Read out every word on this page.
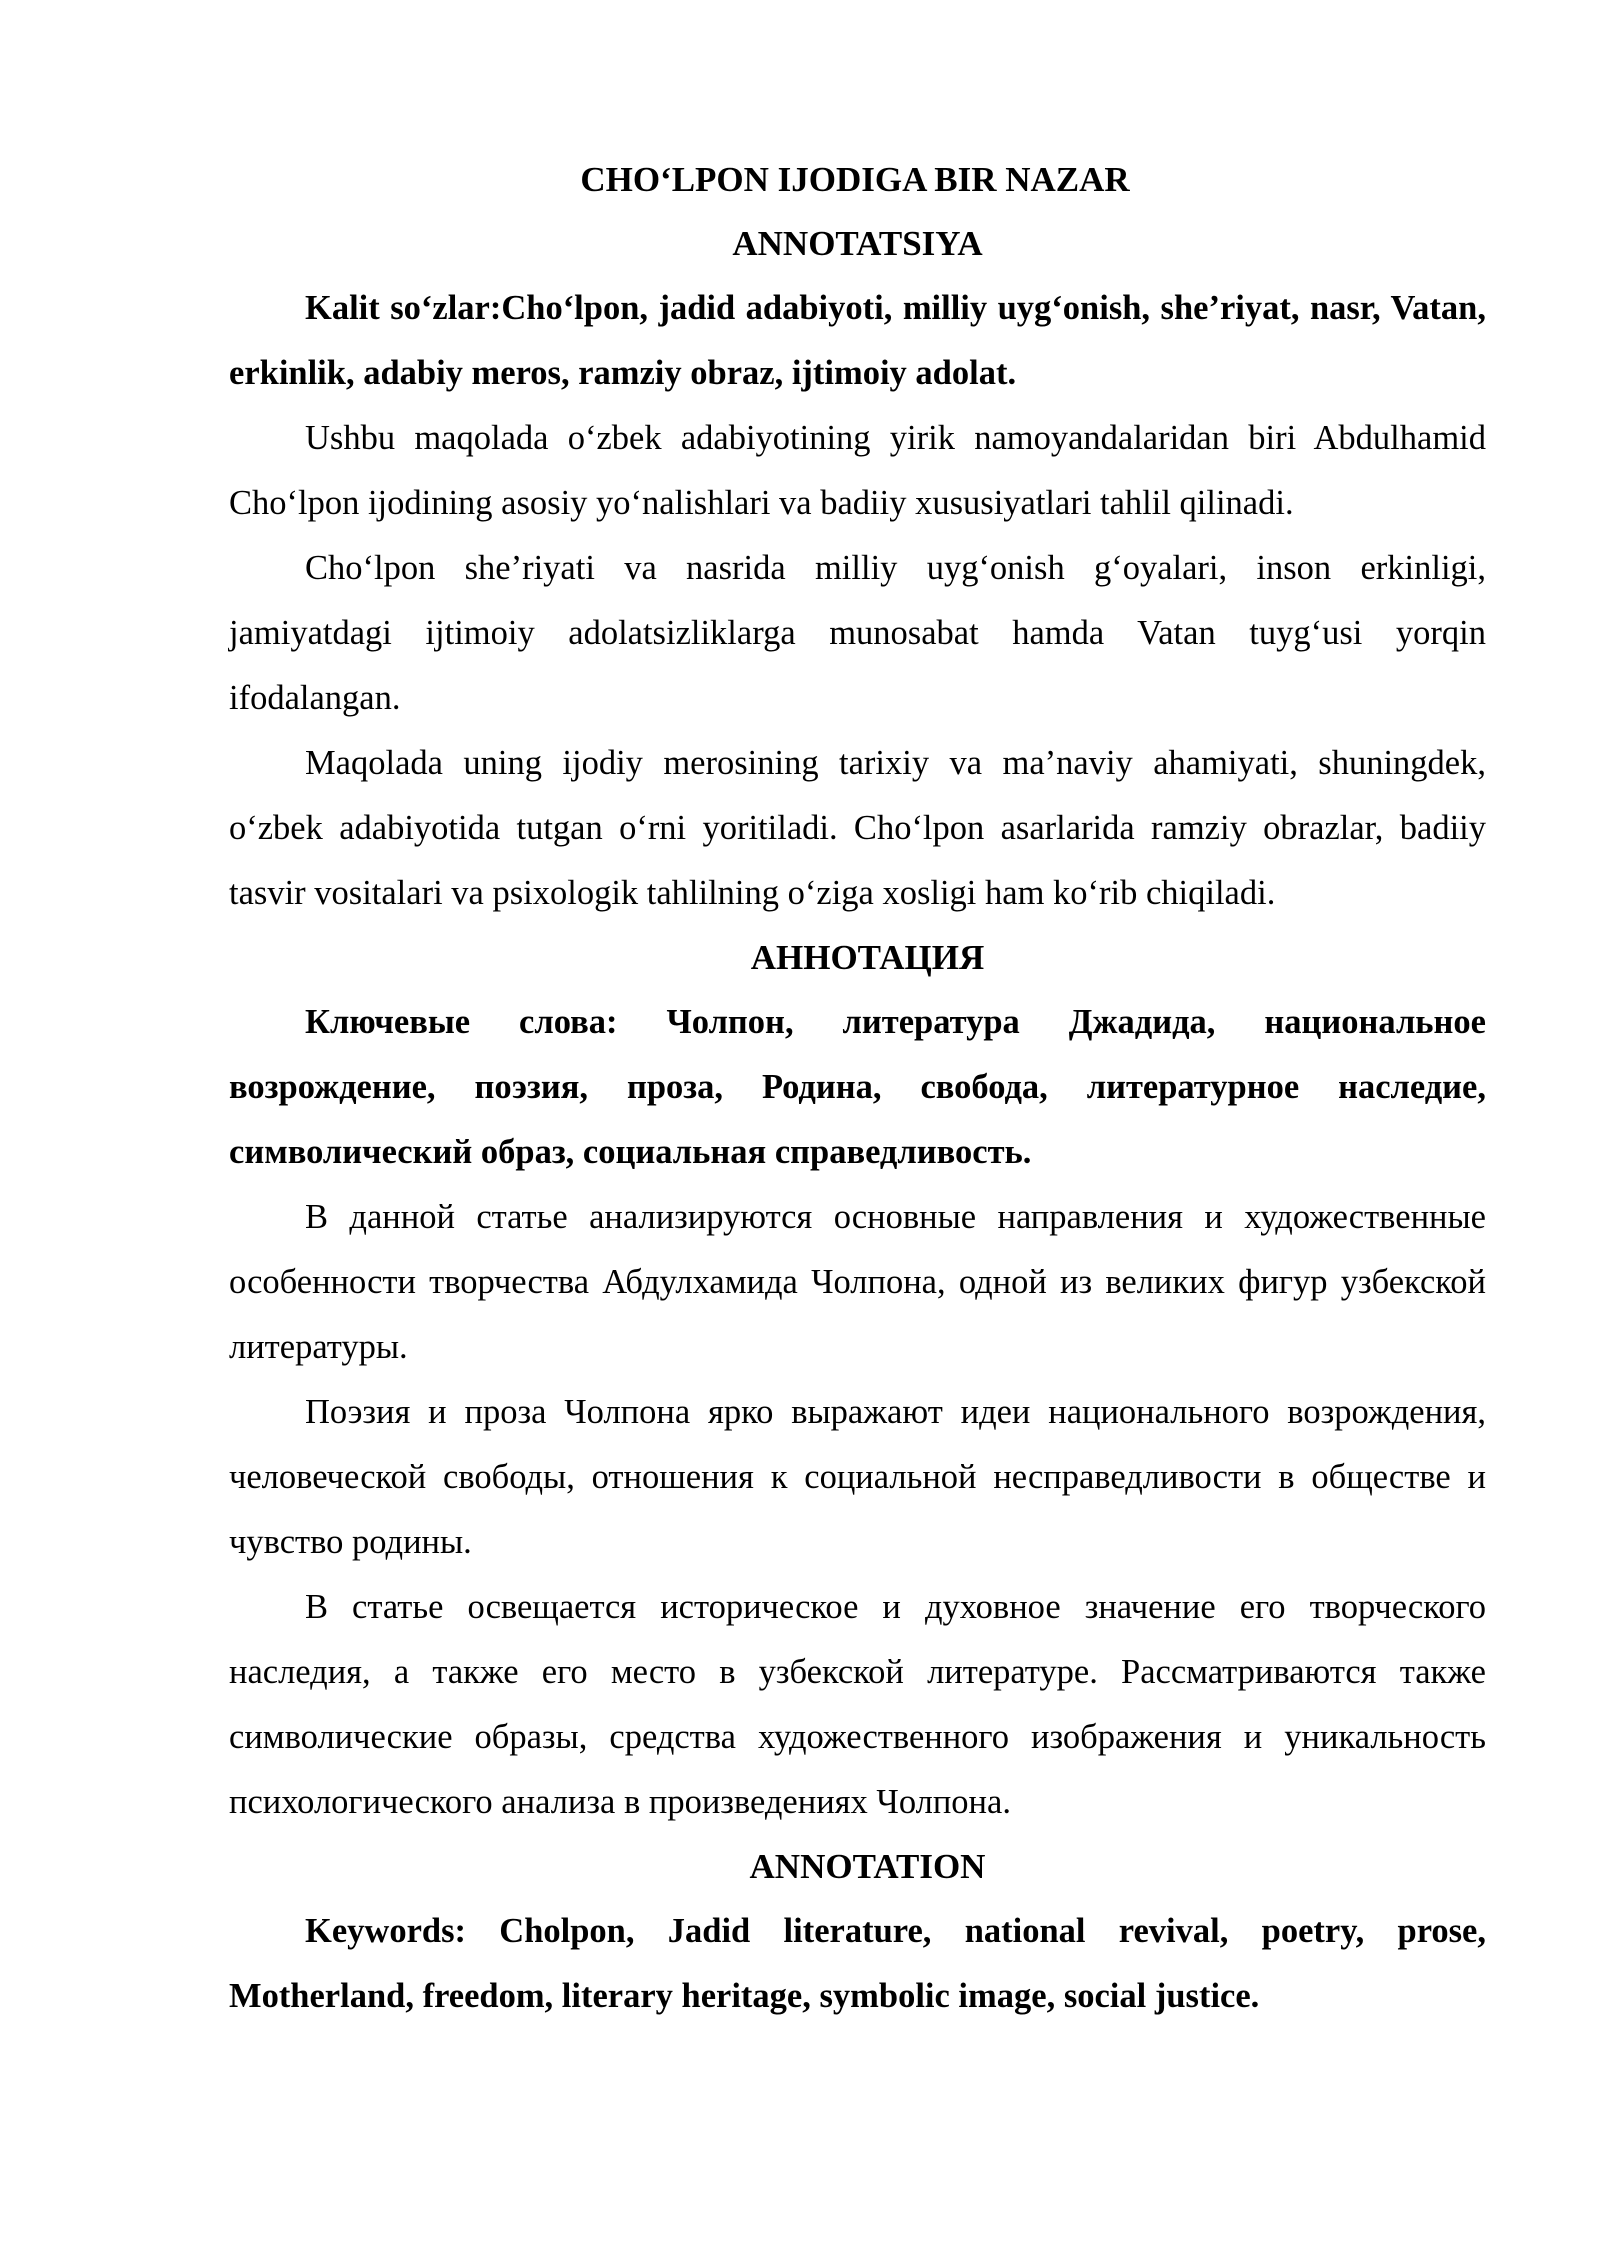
CHO‘LPON IJODIGA BIR NAZAR
ANNOTATSIYA

Kalit so‘zlar:Cho‘lpon, jadid adabiyoti, milliy uyg‘onish, she’riyat, nasr, Vatan, erkinlik, adabiy meros, ramziy obraz, ijtimoiy adolat.

Ushbu maqolada o‘zbek adabiyotining yirik namoyandalaridan biri Abdulhamid Cho‘lpon ijodining asosiy yo‘nalishlari va badiiy xususiyatlari tahlil qilinadi.

Cho‘lpon she’riyati va nasrida milliy uyg‘onish g‘oyalari, inson erkinligi, jamiyatdagi ijtimoiy adolatsizliklarga munosabat hamda Vatan tuyg‘usi yorqin ifodalangan.

Maqolada uning ijodiy merosining tarixiy va ma’naviy ahamiyati, shuningdek, o‘zbek adabiyotida tutgan o‘rni yoritiladi. Cho‘lpon asarlarida ramziy obrazlar, badiiy tasvir vositalari va psixologik tahlilning o‘ziga xosligi ham ko‘rib chiqiladi.

АННОТАЦИЯ

Ключевые слова: Чолпон, литература Джадида, национальное возрождение, поэзия, проза, Родина, свобода, литературное наследие, символический образ, социальная справедливость.

В данной статье анализируются основные направления и художественные особенности творчества Абдулхамида Чолпона, одной из великих фигур узбекской литературы.

Поэзия и проза Чолпона ярко выражают идеи национального возрождения, человеческой свободы, отношения к социальной несправедливости в обществе и чувство родины.

В статье освещается историческое и духовное значение его творческого наследия, а также его место в узбекской литературе. Рассматриваются также символические образы, средства художественного изображения и уникальность психологического анализа в произведениях Чолпона.

ANNOTATION

Keywords: Cholpon, Jadid literature, national revival, poetry, prose, Motherland, freedom, literary heritage, symbolic image, social justice.
